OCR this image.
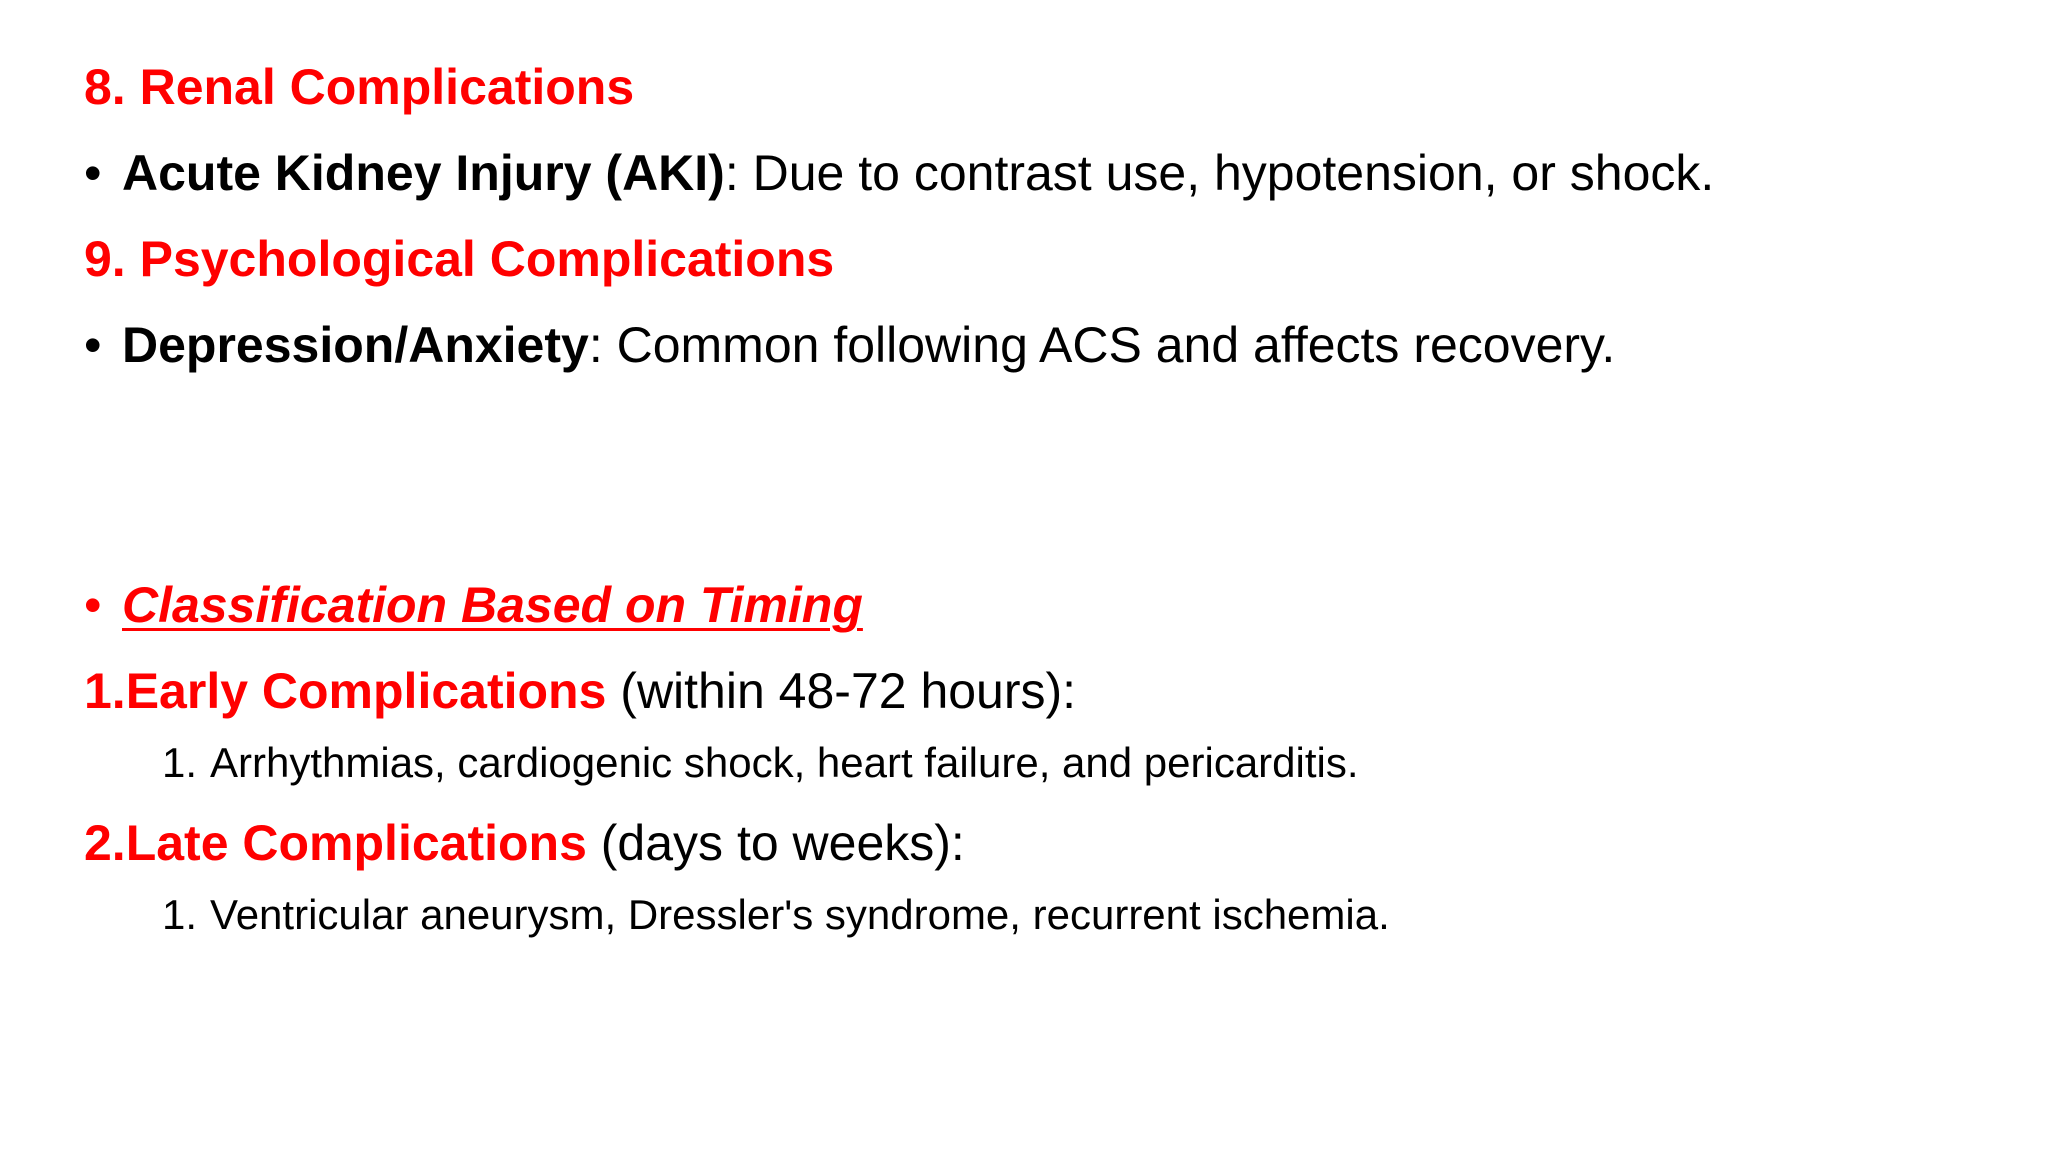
8. Renal Complications
• Acute Kidney Injury (AKI): Due to contrast use, hypotension, or shock.
9. Psychological Complications
• Depression/Anxiety: Common following ACS and affects recovery.
• Classification Based on Timing
1.Early Complications (within 48-72 hours):
1. Arrhythmias, cardiogenic shock, heart failure, and pericarditis.
2.Late Complications (days to weeks):
1. Ventricular aneurysm, Dressler's syndrome, recurrent ischemia.
